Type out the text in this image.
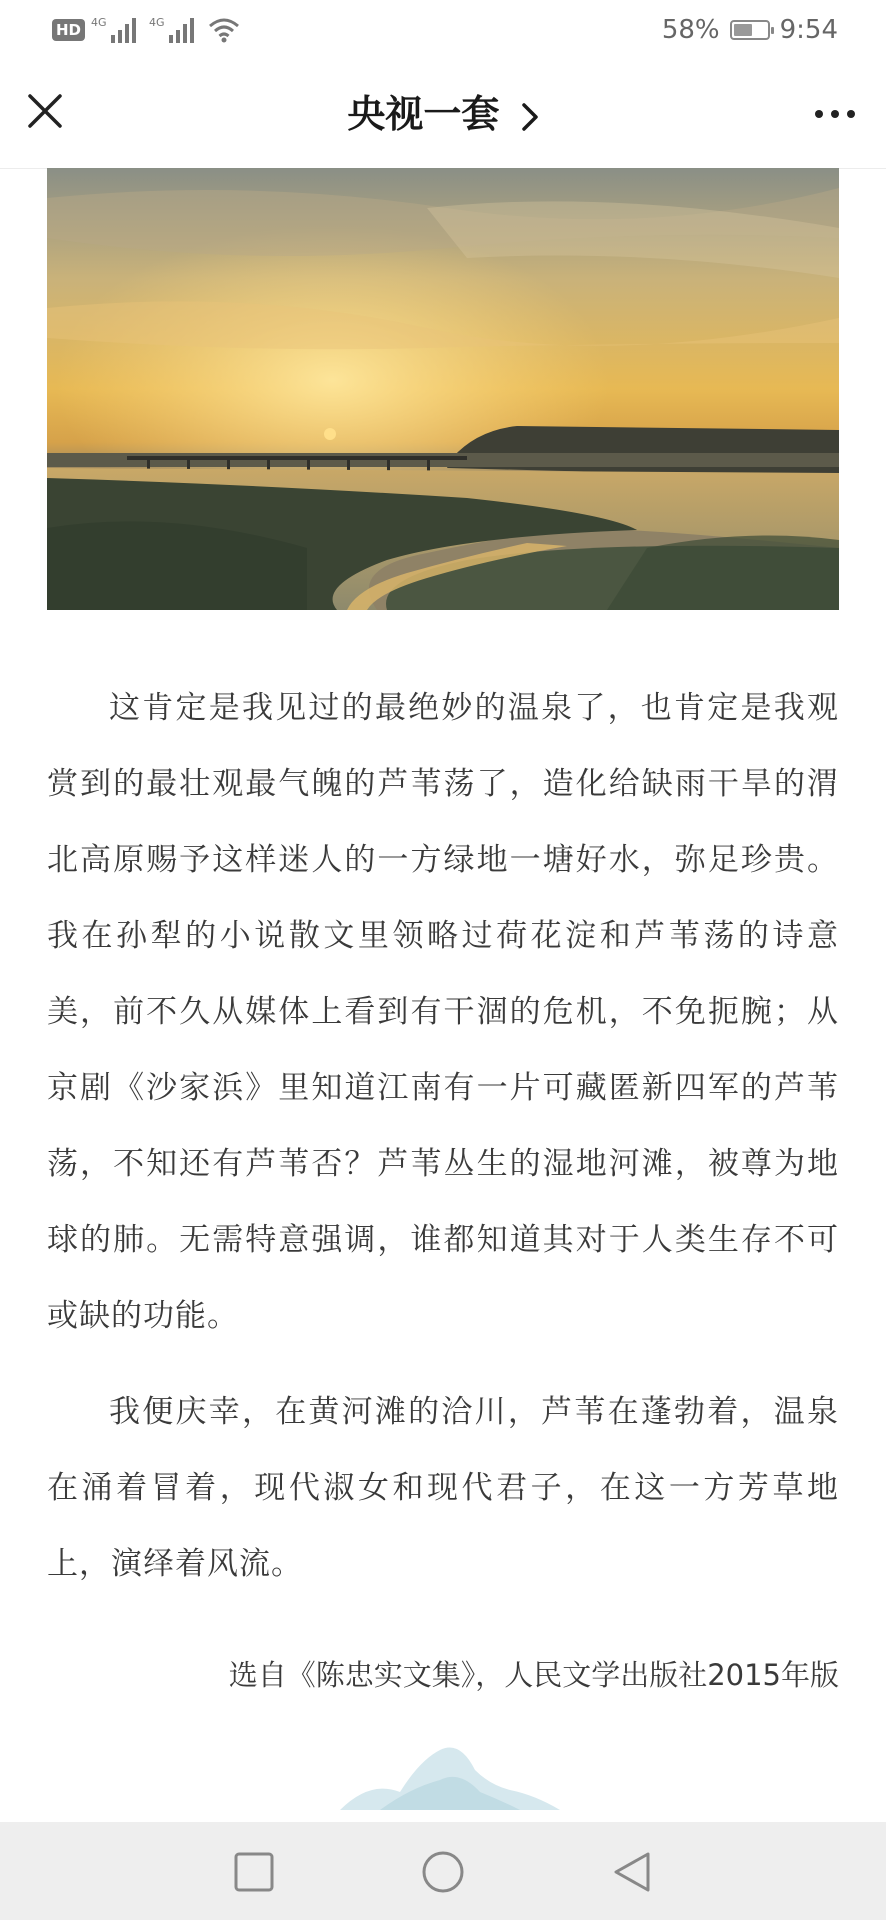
HD 4G	4G	58% 9:54
央视一套

这肯定是我见过的最绝妙的温泉了，也肯定是我观赏到的最壮观最气魄的芦苇荡了，造化给缺雨干旱的渭北高原赐予这样迷人的一方绿地一塘好水，弥足珍贵。我在孙犁的小说散文里领略过荷花淀和芦苇荡的诗意美，前不久从媒体上看到有干涸的危机，不免扼腕；从京剧《沙家浜》里知道江南有一片可藏匿新四军的芦苇荡，不知还有芦苇否？芦苇丛生的湿地河滩，被尊为地球的肺。无需特意强调，谁都知道其对于人类生存不可或缺的功能。

我便庆幸，在黄河滩的洽川，芦苇在蓬勃着，温泉在涌着冒着，现代淑女和现代君子，在这一方芳草地上，演绎着风流。

选自《陈忠实文集》，人民文学出版社2015年版
